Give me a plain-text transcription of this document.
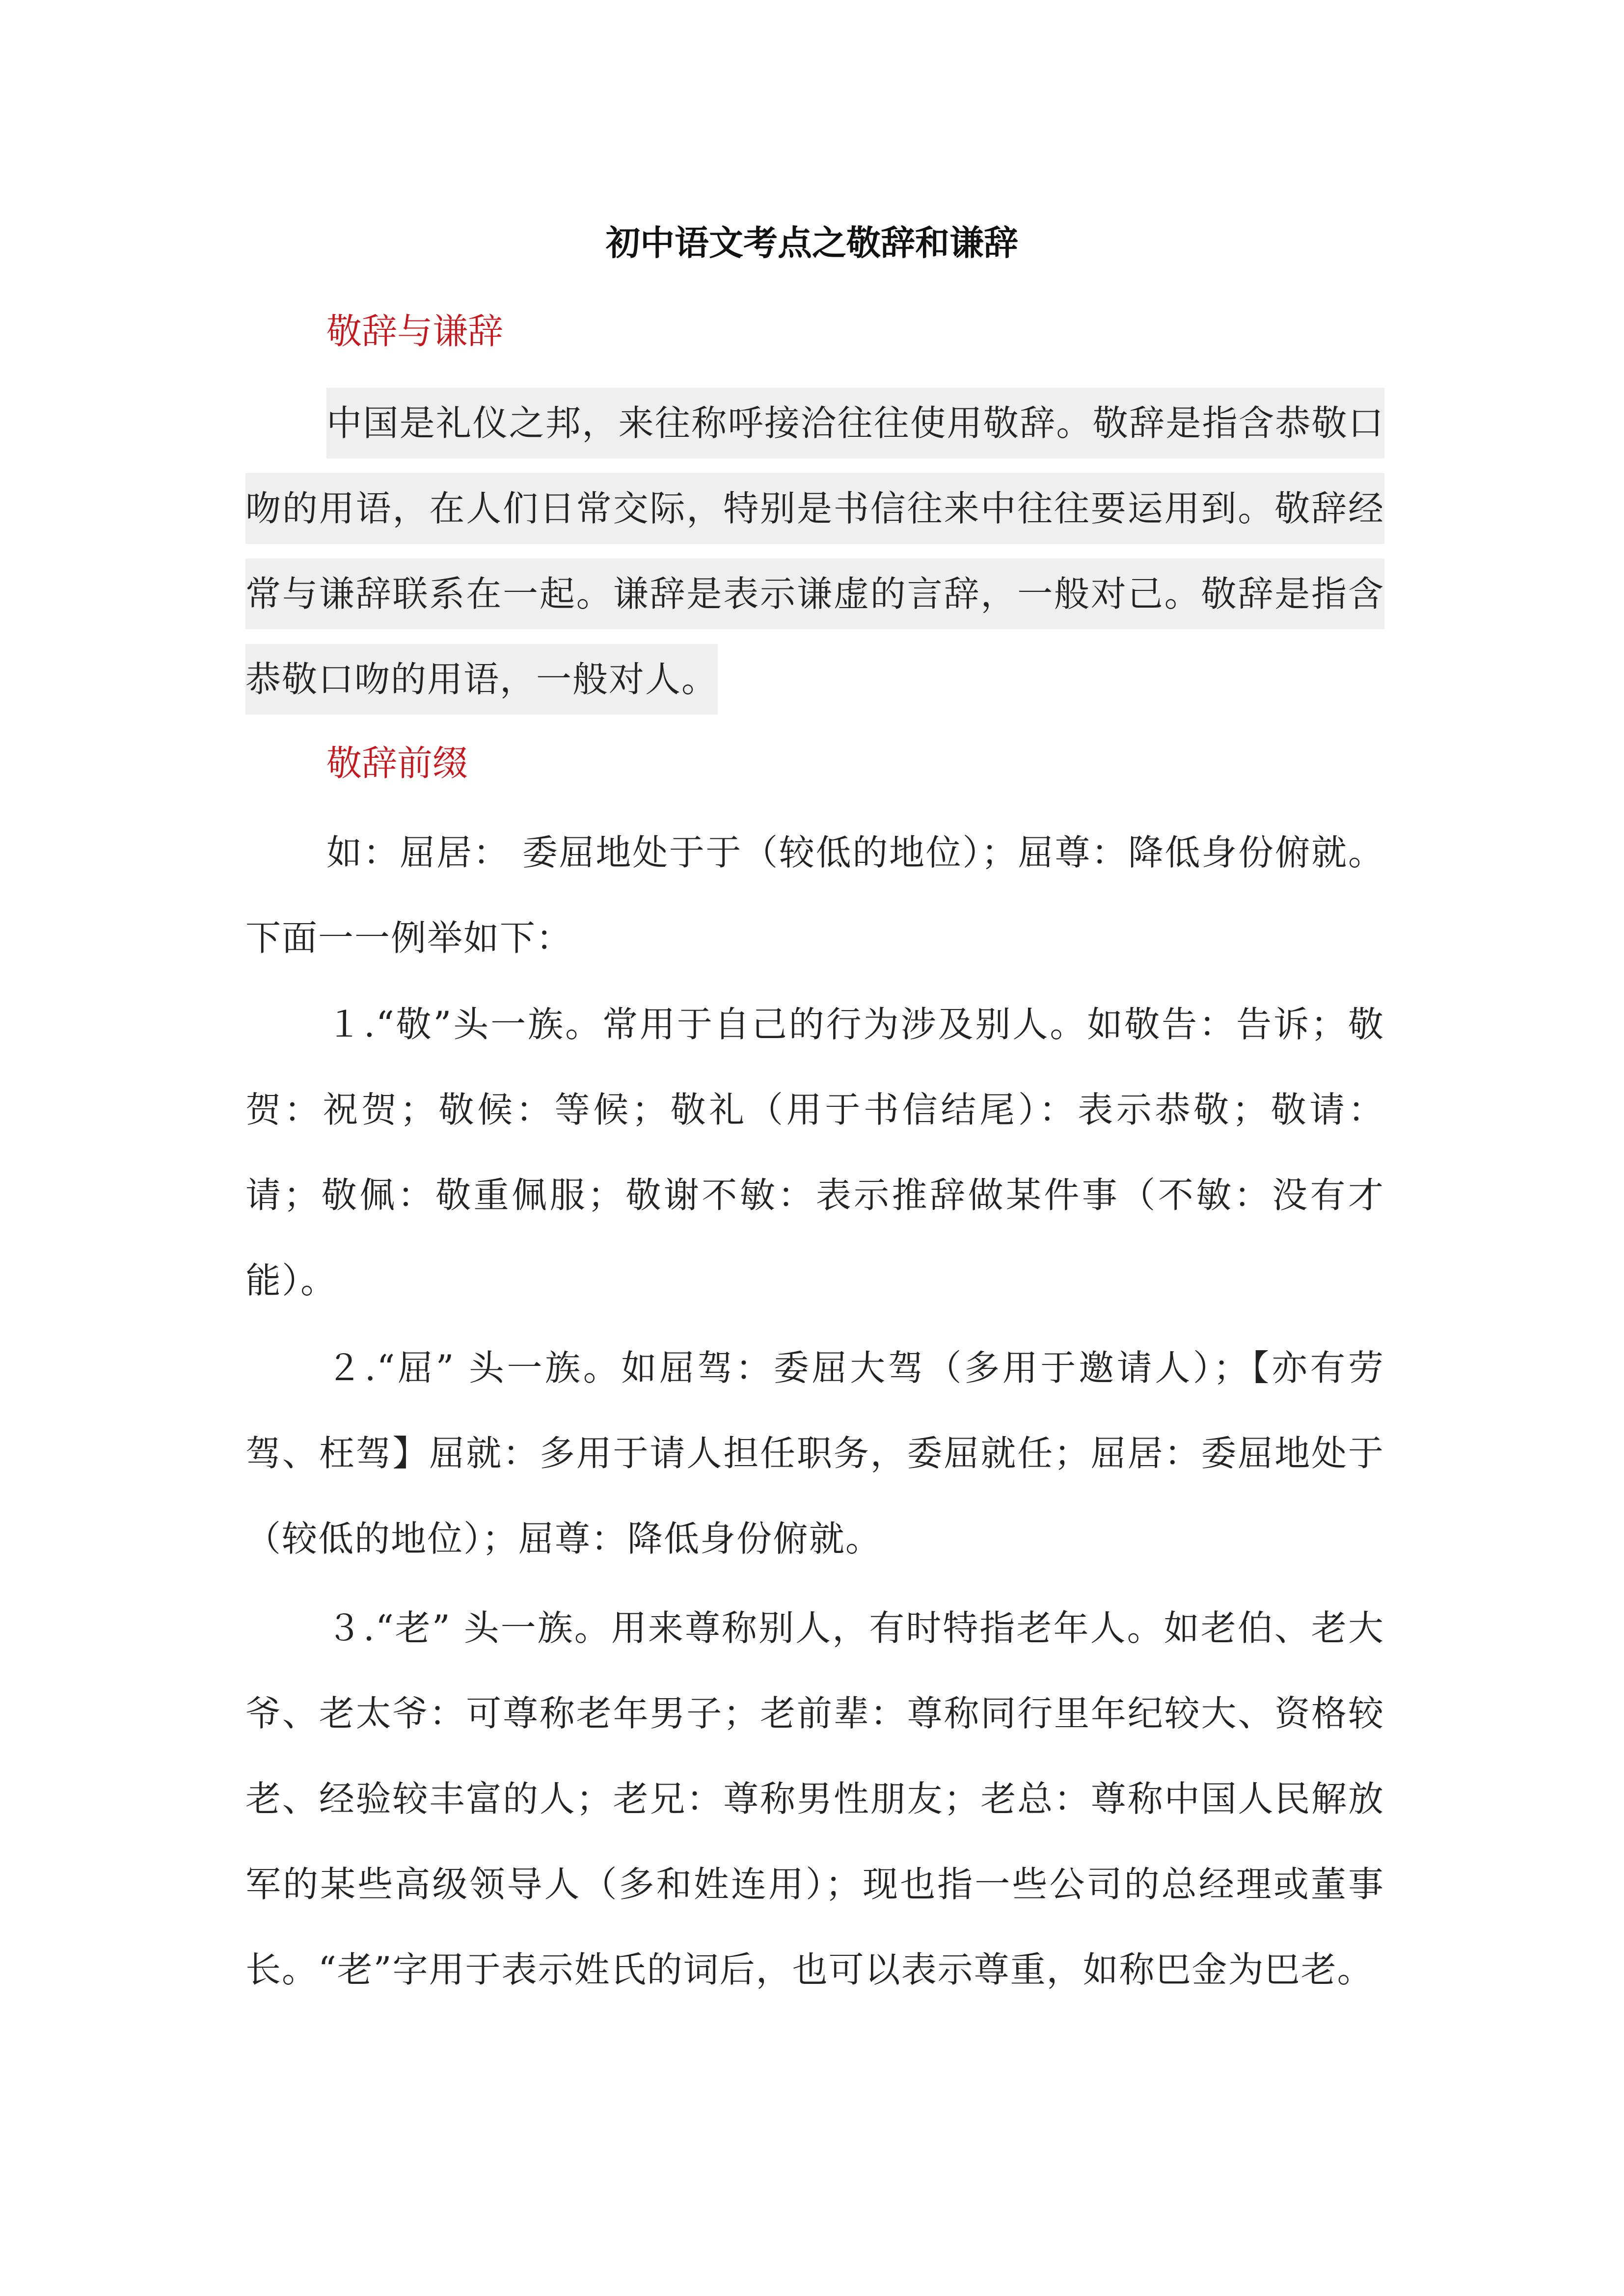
初中语文考点之敬辞和谦辞
敬辞与谦辞

中国是礼仪之邦，来往称呼接洽往往使用敬辞。敬辞是指含恭敬口吻的用语，在人们日常交际，特别是书信往来中往往要运用到。敬辞经常与谦辞联系在一起。谦辞是表示谦虚的言辞，一般对己。敬辞是指含恭敬口吻的用语，一般对人。

敬辞前缀

如：屈居： 委屈地处于于（较低的地位）；屈尊：降低身份俯就。下面一一例举如下：

１.“敬”头一族。常用于自己的行为涉及别人。如敬告：告诉；敬贺：祝贺；敬候：等候；敬礼（用于书信结尾）：表示恭敬；敬请：请；敬佩：敬重佩服；敬谢不敏：表示推辞做某件事（不敏：没有才能）。

２.“屈” 头一族。如屈驾：委屈大驾（多用于邀请人）；【亦有劳驾、枉驾】屈就：多用于请人担任职务，委屈就任；屈居：委屈地处于（较低的地位）；屈尊：降低身份俯就。

３.“老” 头一族。用来尊称别人，有时特指老年人。如老伯、老大爷、老太爷：可尊称老年男子；老前辈：尊称同行里年纪较大、资格较老、经验较丰富的人；老兄：尊称男性朋友；老总：尊称中国人民解放军的某些高级领导人（多和姓连用）；现也指一些公司的总经理或董事长。“老”字用于表示姓氏的词后，也可以表示尊重，如称巴金为巴老。
